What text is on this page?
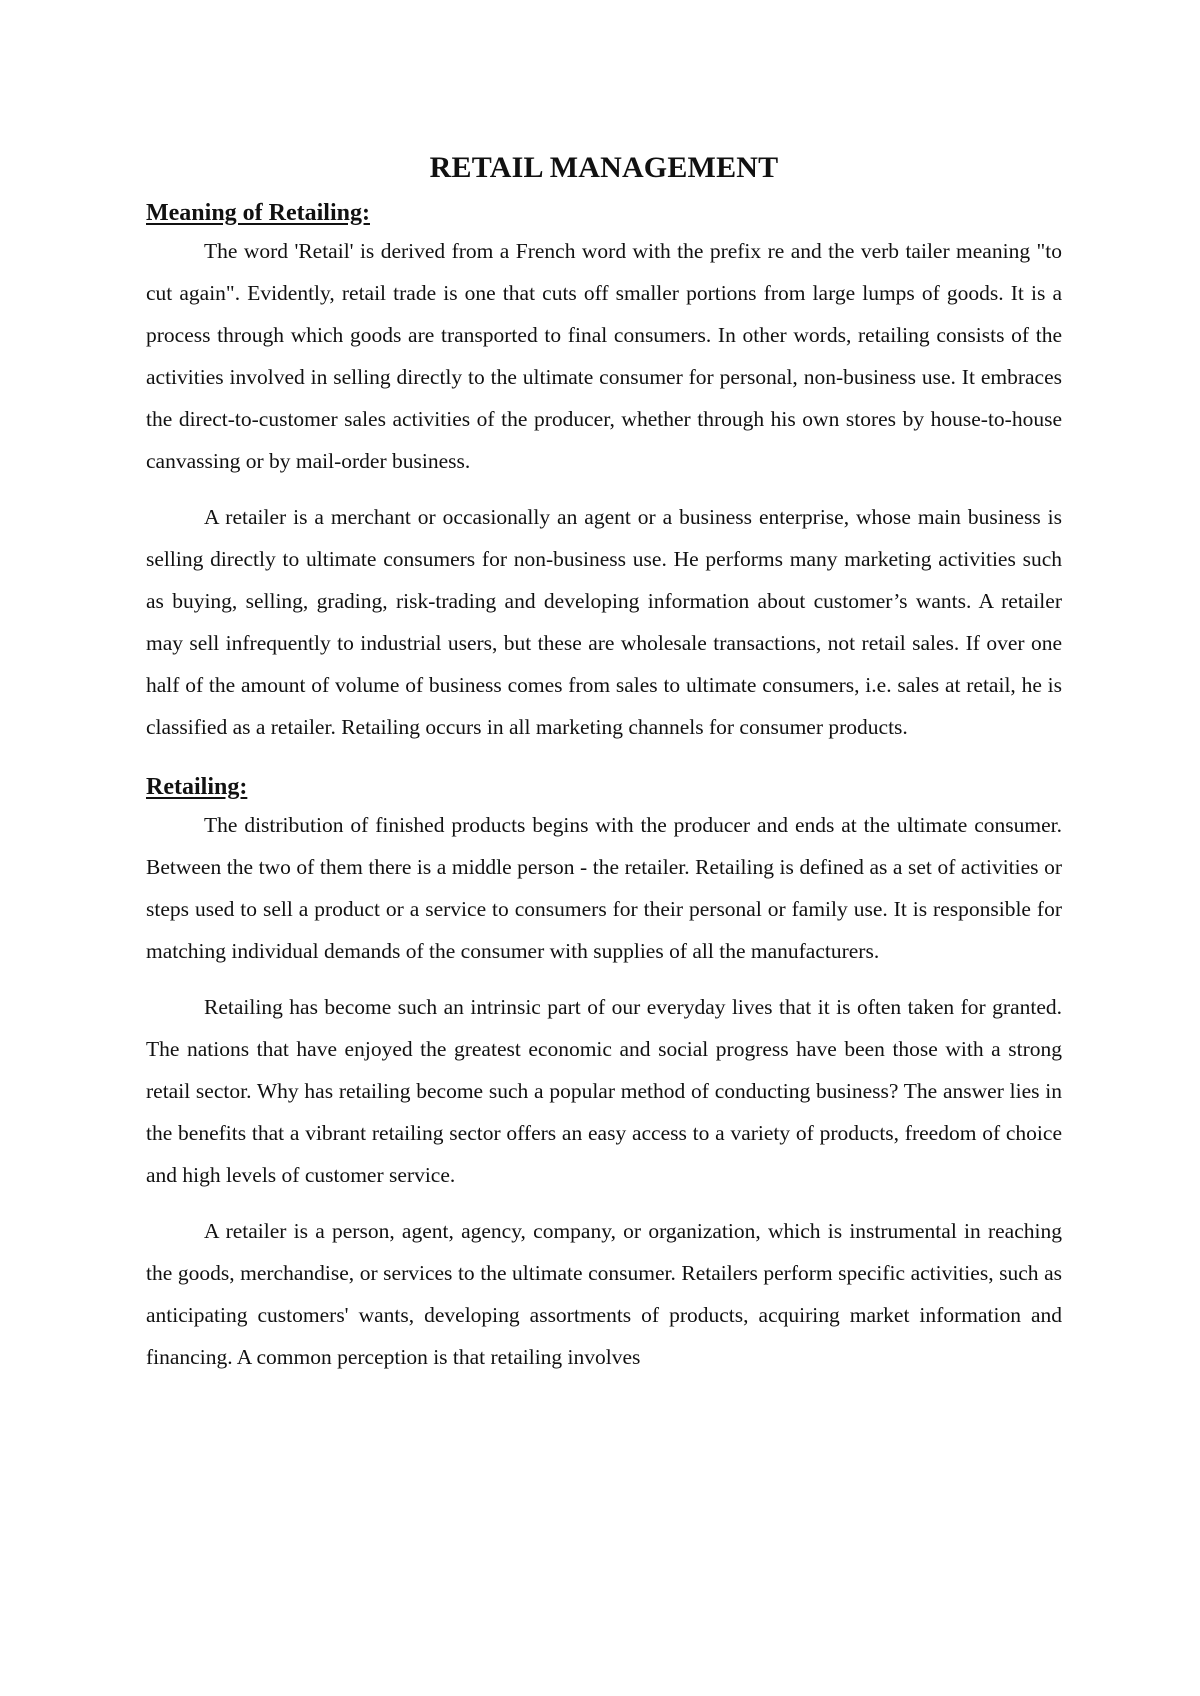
RETAIL MANAGEMENT
Meaning of Retailing:

The word 'Retail' is derived from a French word with the prefix re and the verb tailer meaning "to cut again". Evidently, retail trade is one that cuts off smaller portions from large lumps of goods. It is a process through which goods are transported to final consumers. In other words, retailing consists of the activities involved in selling directly to the ultimate consumer for personal, non-business use. It embraces the direct-to-customer sales activities of the producer, whether through his own stores by house-to-house canvassing or by mail-order business.

A retailer is a merchant or occasionally an agent or a business enterprise, whose main business is selling directly to ultimate consumers for non-business use. He performs many marketing activities such as buying, selling, grading, risk-trading and developing information about customer’s wants. A retailer may sell infrequently to industrial users, but these are wholesale transactions, not retail sales. If over one half of the amount of volume of business comes from sales to ultimate consumers, i.e. sales at retail, he is classified as a retailer. Retailing occurs in all marketing channels for consumer products.

Retailing:

The distribution of finished products begins with the producer and ends at the ultimate consumer. Between the two of them there is a middle person - the retailer. Retailing is defined as a set of activities or steps used to sell a product or a service to consumers for their personal or family use. It is responsible for matching individual demands of the consumer with supplies of all the manufacturers.

Retailing has become such an intrinsic part of our everyday lives that it is often taken for granted. The nations that have enjoyed the greatest economic and social progress have been those with a strong retail sector. Why has retailing become such a popular method of conducting business? The answer lies in the benefits that a vibrant retailing sector offers an easy access to a variety of products, freedom of choice and high levels of customer service.

A retailer is a person, agent, agency, company, or organization, which is instrumental in reaching the goods, merchandise, or services to the ultimate consumer. Retailers perform specific activities, such as anticipating customers' wants, developing assortments of products, acquiring market information and financing. A common perception is that retailing involves
